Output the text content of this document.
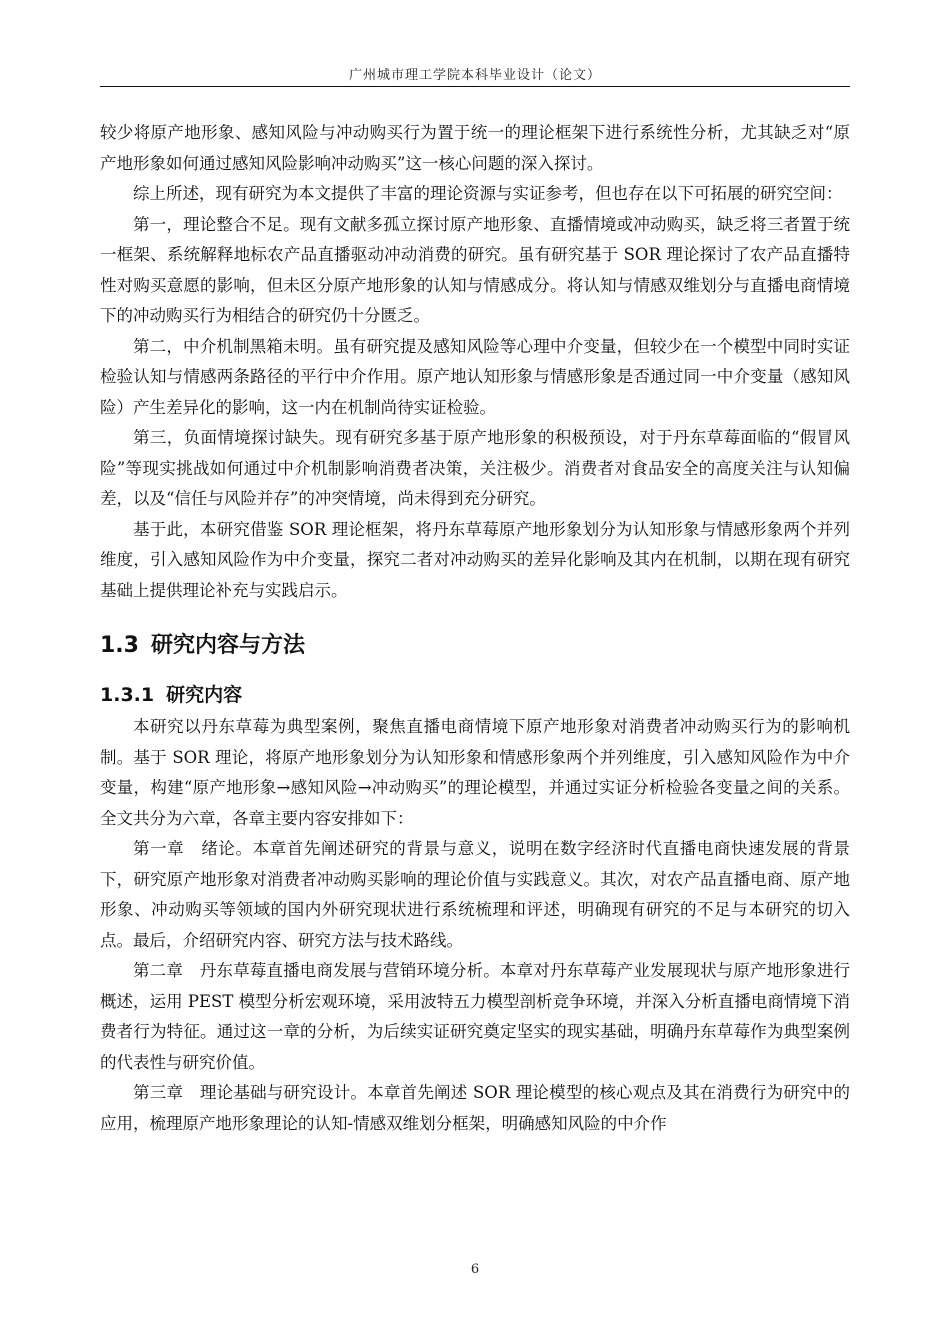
广州城市理工学院本科毕业设计（论文）

较少将原产地形象、感知风险与冲动购买行为置于统一的理论框架下进行系统性分析，尤其缺乏对“原产地形象如何通过感知风险影响冲动购买”这一核心问题的深入探讨。

综上所述，现有研究为本文提供了丰富的理论资源与实证参考，但也存在以下可拓展的研究空间：

第一，理论整合不足。现有文献多孤立探讨原产地形象、直播情境或冲动购买，缺乏将三者置于统一框架、系统解释地标农产品直播驱动冲动消费的研究。虽有研究基于 SOR 理论探讨了农产品直播特性对购买意愿的影响，但未区分原产地形象的认知与情感成分。将认知与情感双维划分与直播电商情境下的冲动购买行为相结合的研究仍十分匮乏。

第二，中介机制黑箱未明。虽有研究提及感知风险等心理中介变量，但较少在一个模型中同时实证检验认知与情感两条路径的平行中介作用。原产地认知形象与情感形象是否通过同一中介变量（感知风险）产生差异化的影响，这一内在机制尚待实证检验。

第三，负面情境探讨缺失。现有研究多基于原产地形象的积极预设，对于丹东草莓面临的“假冒风险”等现实挑战如何通过中介机制影响消费者决策，关注极少。消费者对食品安全的高度关注与认知偏差，以及“信任与风险并存”的冲突情境，尚未得到充分研究。

基于此，本研究借鉴 SOR 理论框架，将丹东草莓原产地形象划分为认知形象与情感形象两个并列维度，引入感知风险作为中介变量，探究二者对冲动购买的差异化影响及其内在机制，以期在现有研究基础上提供理论补充与实践启示。

1.3 研究内容与方法
1.3.1 研究内容

本研究以丹东草莓为典型案例，聚焦直播电商情境下原产地形象对消费者冲动购买行为的影响机制。基于 SOR 理论，将原产地形象划分为认知形象和情感形象两个并列维度，引入感知风险作为中介变量，构建“原产地形象→感知风险→冲动购买”的理论模型，并通过实证分析检验各变量之间的关系。全文共分为六章，各章主要内容安排如下：

第一章　绪论。本章首先阐述研究的背景与意义，说明在数字经济时代直播电商快速发展的背景下，研究原产地形象对消费者冲动购买影响的理论价值与实践意义。其次，对农产品直播电商、原产地形象、冲动购买等领域的国内外研究现状进行系统梳理和评述，明确现有研究的不足与本研究的切入点。最后，介绍研究内容、研究方法与技术路线。

第二章　丹东草莓直播电商发展与营销环境分析。本章对丹东草莓产业发展现状与原产地形象进行概述，运用 PEST 模型分析宏观环境，采用波特五力模型剖析竞争环境，并深入分析直播电商情境下消费者行为特征。通过这一章的分析，为后续实证研究奠定坚实的现实基础，明确丹东草莓作为典型案例的代表性与研究价值。

第三章　理论基础与研究设计。本章首先阐述 SOR 理论模型的核心观点及其在消费行为研究中的应用，梳理原产地形象理论的认知-情感双维划分框架，明确感知风险的中介作

6
